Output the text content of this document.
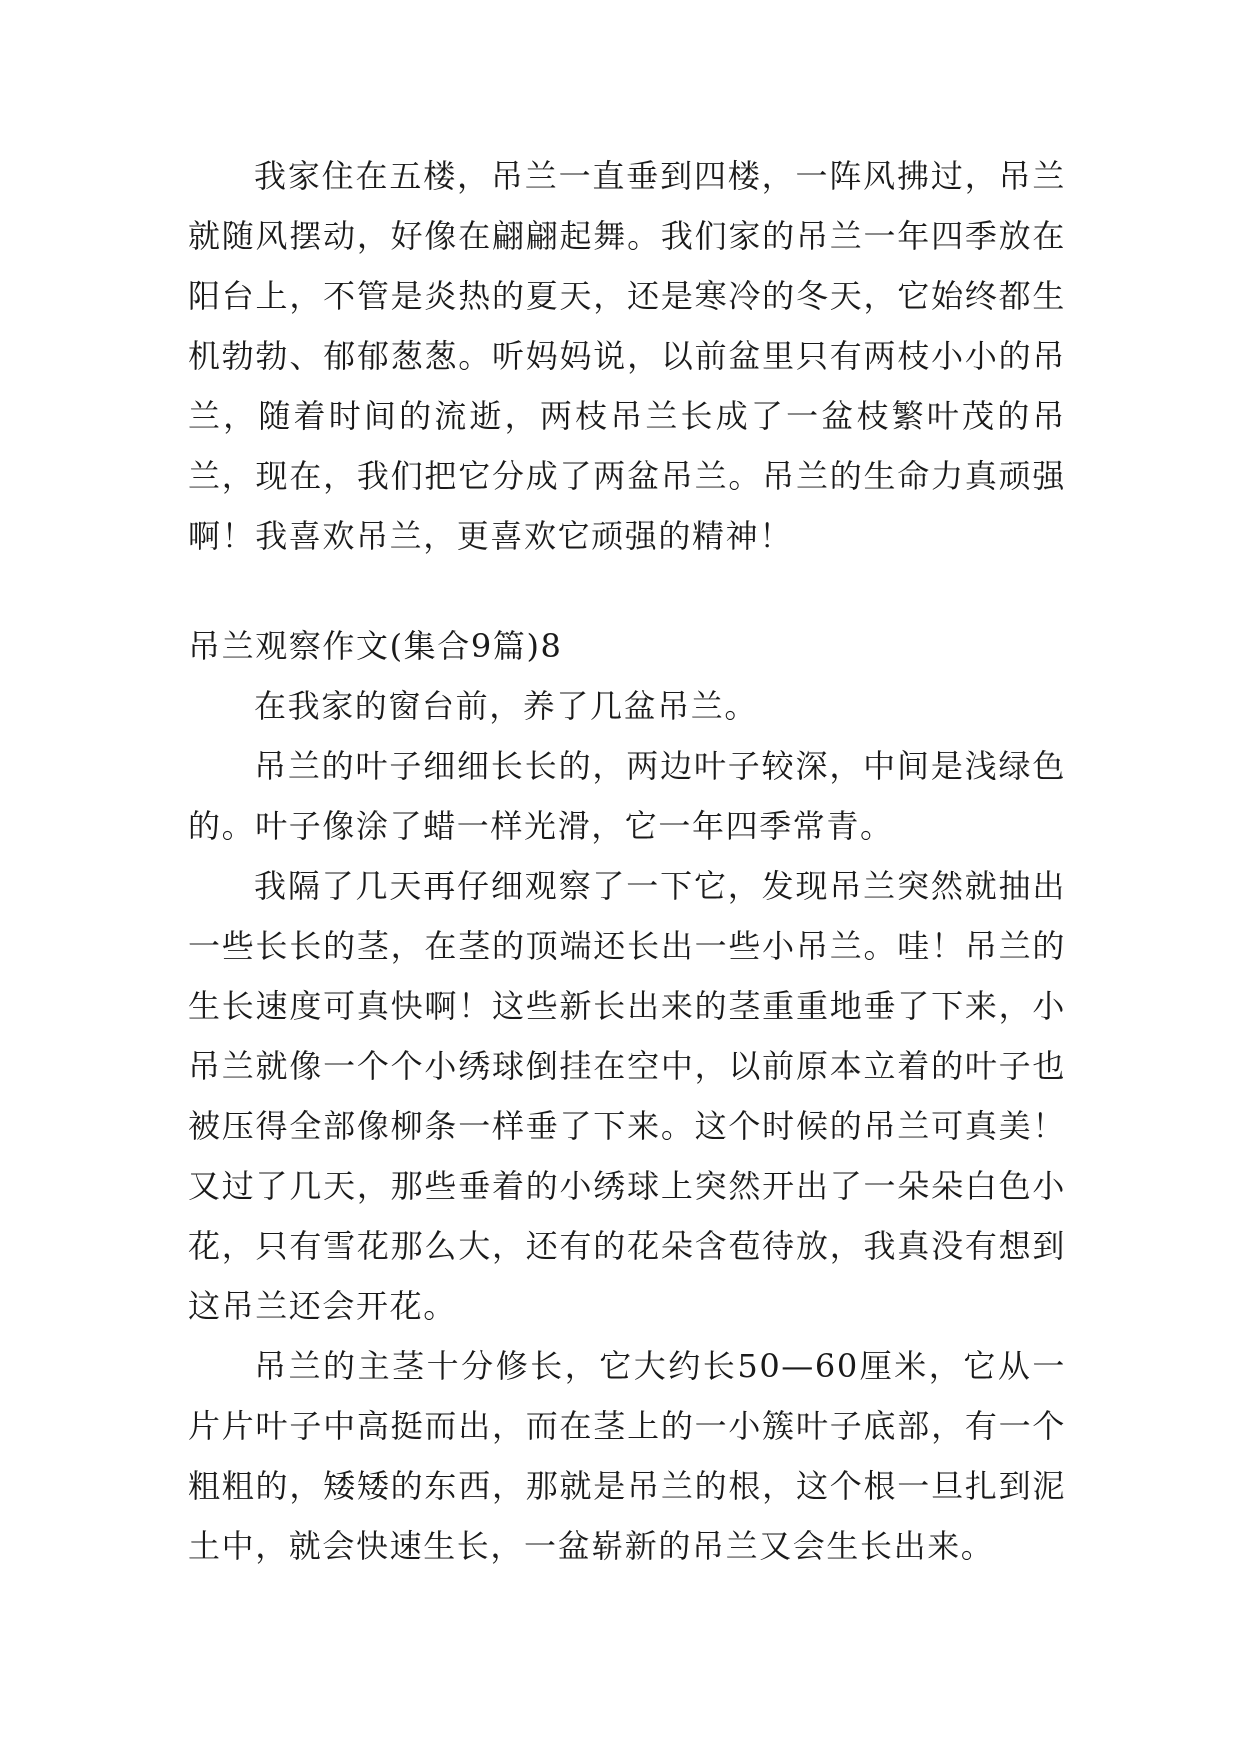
我家住在五楼，吊兰一直垂到四楼，一阵风拂过，吊兰就随风摆动，好像在翩翩起舞。我们家的吊兰一年四季放在阳台上，不管是炎热的夏天，还是寒冷的冬天，它始终都生机勃勃、郁郁葱葱。听妈妈说，以前盆里只有两枝小小的吊兰，随着时间的流逝，两枝吊兰长成了一盆枝繁叶茂的吊兰，现在，我们把它分成了两盆吊兰。吊兰的生命力真顽强啊！我喜欢吊兰，更喜欢它顽强的精神！

吊兰观察作文(集合9篇)8

在我家的窗台前，养了几盆吊兰。

吊兰的叶子细细长长的，两边叶子较深，中间是浅绿色的。叶子像涂了蜡一样光滑，它一年四季常青。

我隔了几天再仔细观察了一下它，发现吊兰突然就抽出一些长长的茎，在茎的顶端还长出一些小吊兰。哇！吊兰的生长速度可真快啊！这些新长出来的茎重重地垂了下来，小吊兰就像一个个小绣球倒挂在空中，以前原本立着的叶子也被压得全部像柳条一样垂了下来。这个时候的吊兰可真美！又过了几天，那些垂着的小绣球上突然开出了一朵朵白色小花，只有雪花那么大，还有的花朵含苞待放，我真没有想到这吊兰还会开花。

吊兰的主茎十分修长，它大约长50—60厘米，它从一片片叶子中高挺而出，而在茎上的一小簇叶子底部，有一个粗粗的，矮矮的东西，那就是吊兰的根，这个根一旦扎到泥土中，就会快速生长，一盆崭新的吊兰又会生长出来。
